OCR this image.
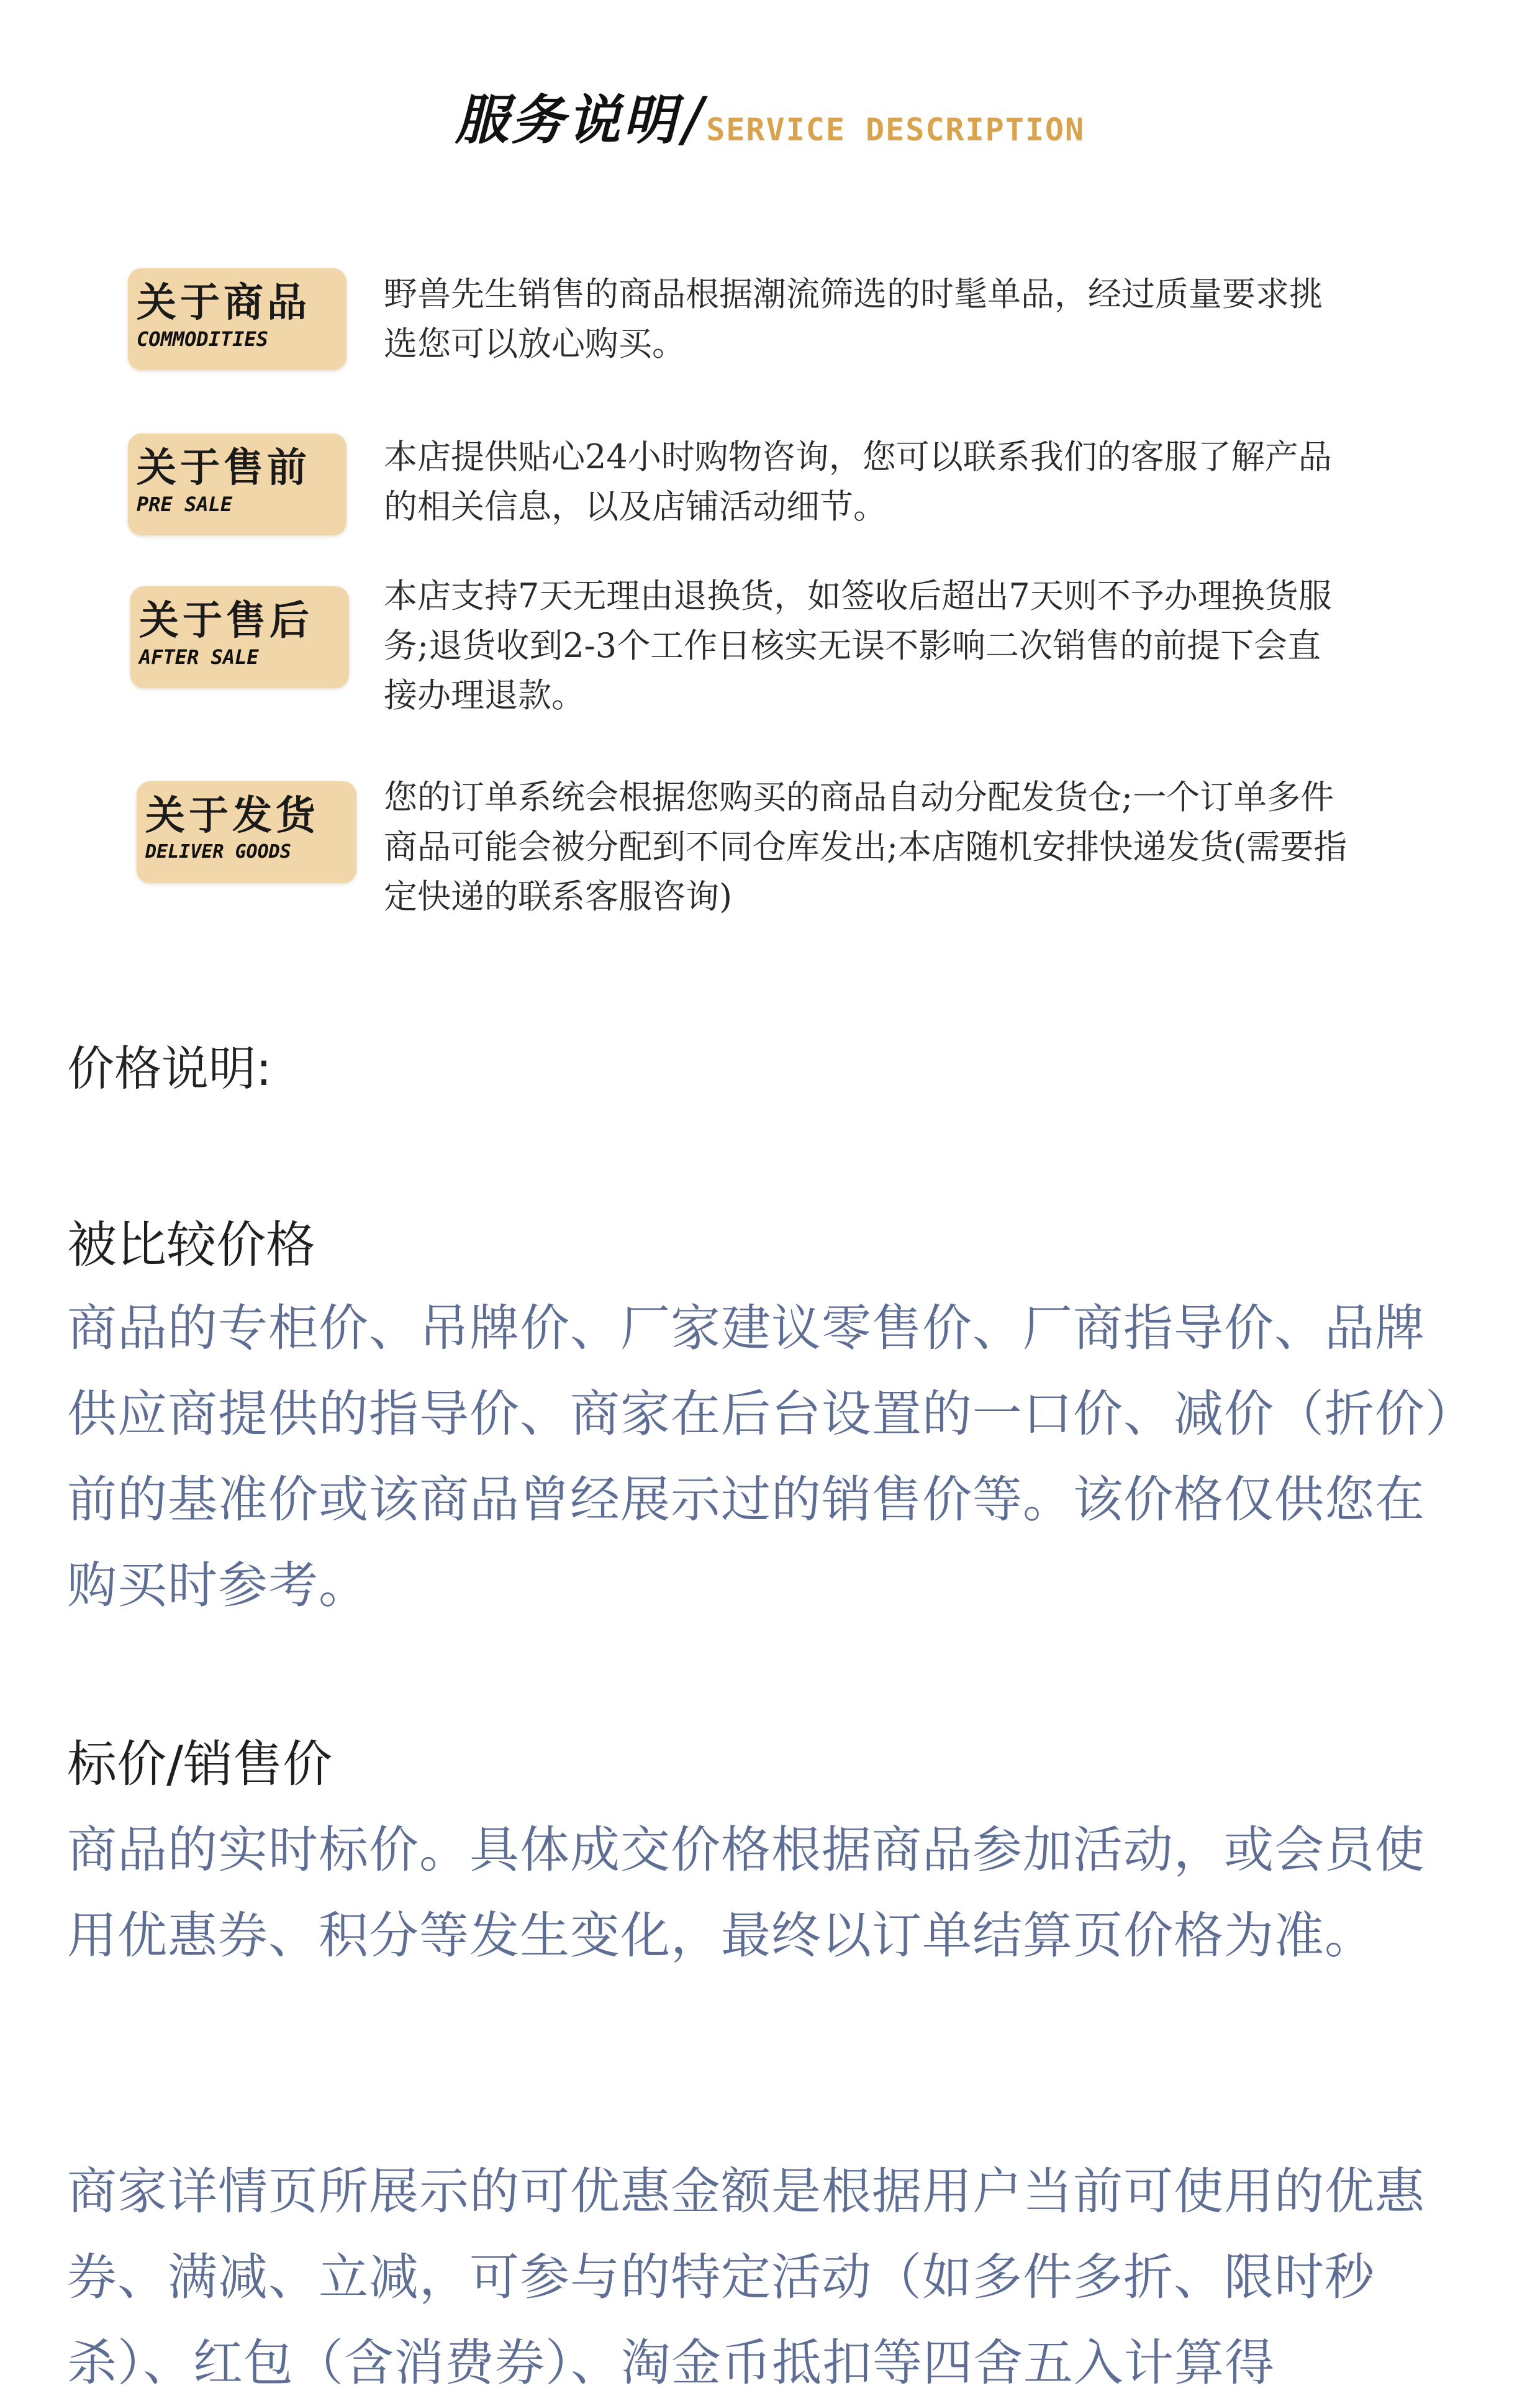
服务说明 / SERVICE DESCRIPTION
关于商品
COMMODITIES
野兽先生销售的商品根据潮流筛选的时髦单品，经过质量要求挑选您可以放心购买。
关于售前
PRE SALE
本店提供贴心24小时购物咨询，您可以联系我们的客服了解产品的相关信息，以及店铺活动细节。
关于售后
AFTER SALE
本店支持7天无理由退换货，如签收后超出7天则不予办理换货服务;退货收到2-3个工作日核实无误不影响二次销售的前提下会直接办理退款。
关于发货
DELIVER GOODS
您的订单系统会根据您购买的商品自动分配发货仓;一个订单多件商品可能会被分配到不同仓库发出;本店随机安排快递发货(需要指定快递的联系客服咨询)
价格说明:
被比较价格
商品的专柜价、吊牌价、厂家建议零售价、厂商指导价、品牌供应商提供的指导价、商家在后台设置的一口价、减价（折价）前的基准价或该商品曾经展示过的销售价等。该价格仅供您在购买时参考。
标价/销售价
商品的实时标价。具体成交价格根据商品参加活动，或会员使用优惠券、积分等发生变化，最终以订单结算页价格为准。
商家详情页所展示的可优惠金额是根据用户当前可使用的优惠券、满减、立减，可参与的特定活动（如多件多折、限时秒杀）、红包（含消费券）、淘金币抵扣等四舍五入计算得
